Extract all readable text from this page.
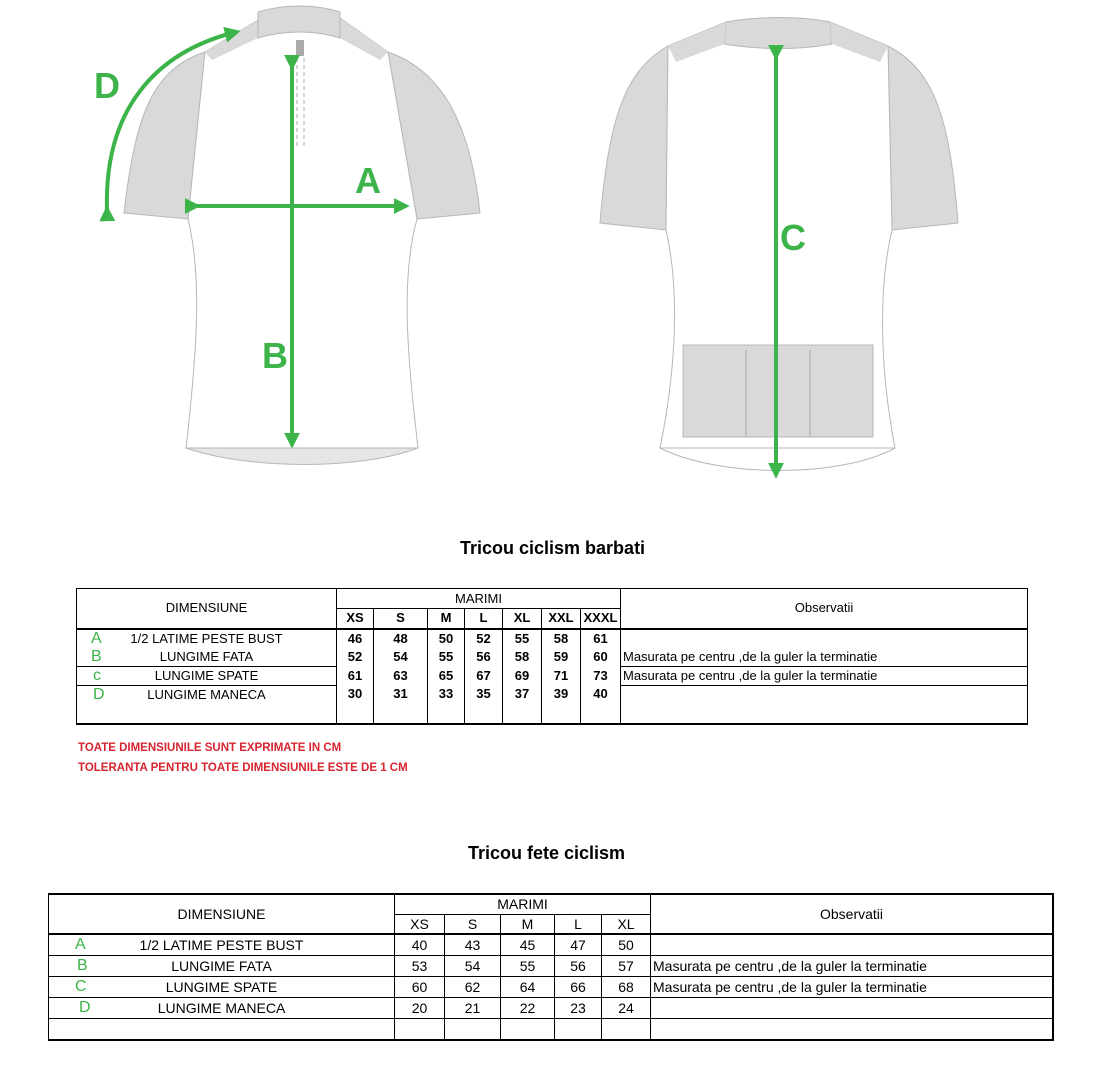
A
B
C
D
Tricou ciclism barbati
DIMENSIUNE	MARIMI							Observatii
	XS	S	M	L	XL	XXL	XXXL	

A 1/2 LATIME PESTE BUST	46	48	50	52	55	58	61	

B LUNGIME FATA	52	54	55	56	58	59	60	Masurata pe centru ,de la guler la terminatie

c LUNGIME SPATE	61	63	65	67	69	71	73	Masurata pe centru ,de la guler la terminatie

D LUNGIME MANECA	30	31	33	35	37	39	40	

TOATE DIMENSIUNILE SUNT EXPRIMATE IN CM
TOLERANTA PENTRU TOATE DIMENSIUNILE ESTE DE 1 CM
Tricou fete ciclism
DIMENSIUNE	MARIMI					Observatii
	XS	S	M	L	XL	

A 1/2 LATIME PESTE BUST	40	43	45	47	50	

B LUNGIME FATA	53	54	55	56	57	Masurata pe centru ,de la guler la terminatie

C LUNGIME SPATE	60	62	64	66	68	Masurata pe centru ,de la guler la terminatie

D LUNGIME MANECA	20	21	22	23	24	
